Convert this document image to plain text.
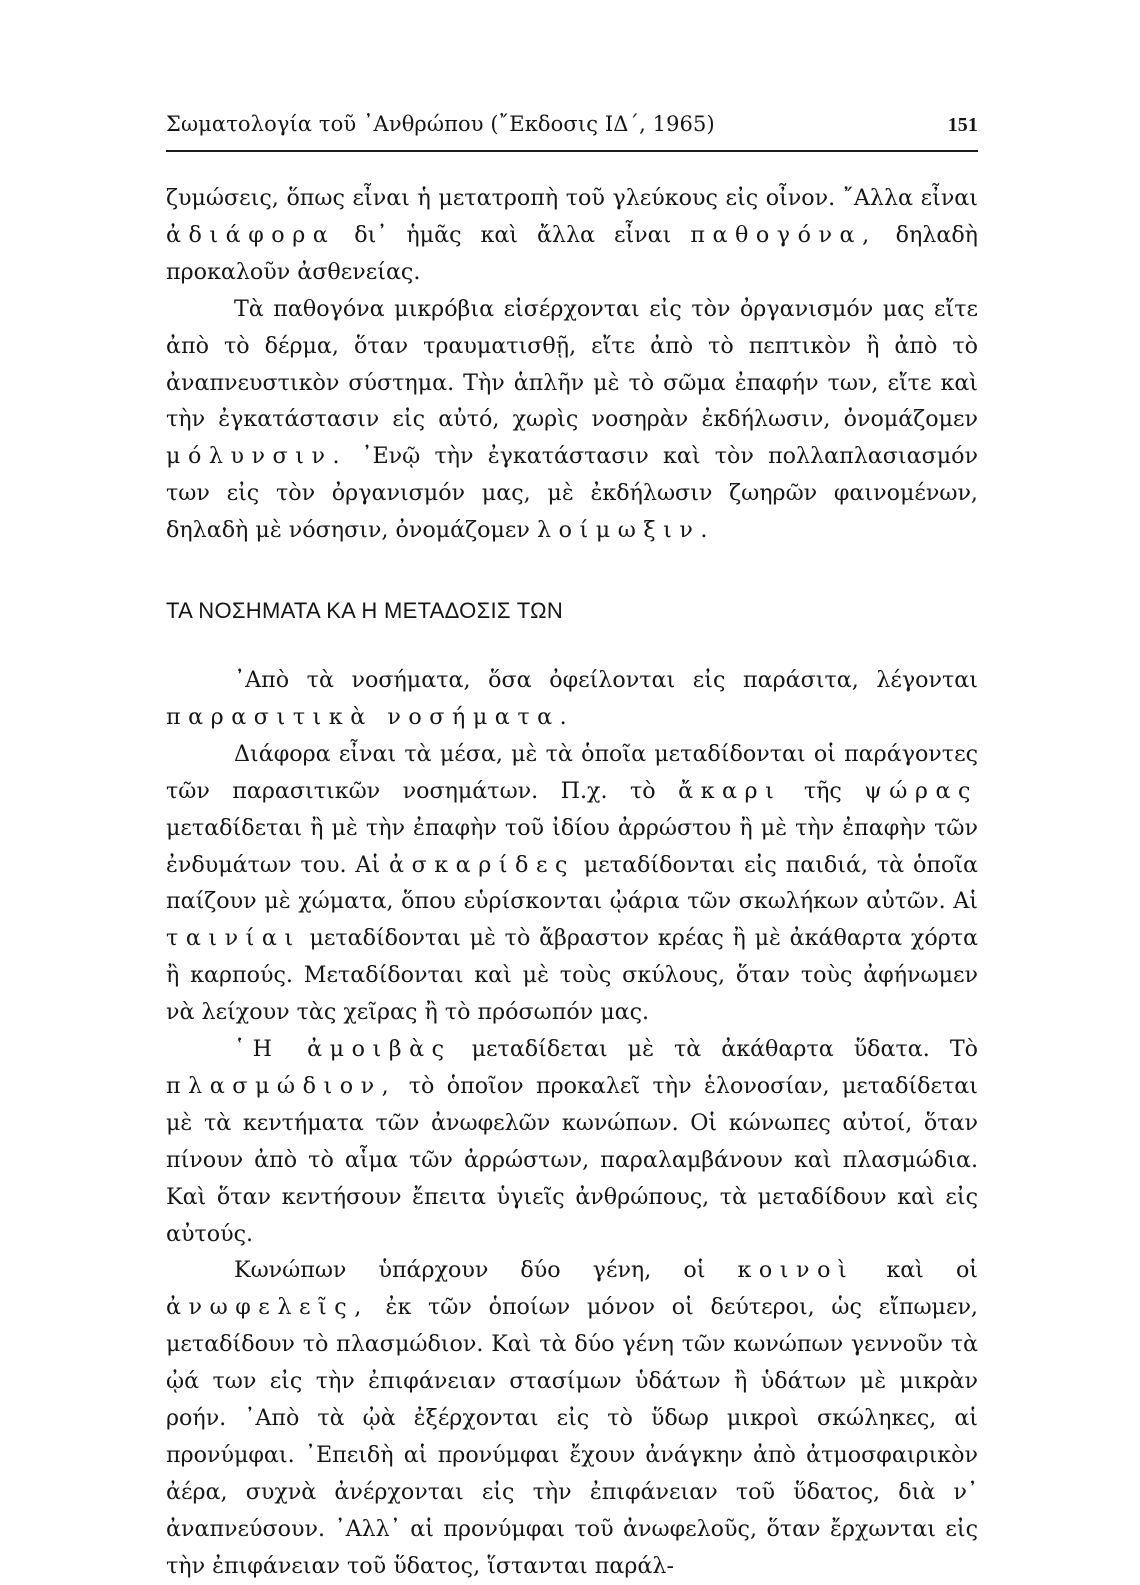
Σωματολογία τοῦ ᾿Ανθρώπου (῎Εκδοσις ΙΔ΄, 1965)	151

ζυμώσεις, ὅπως εἶναι ἡ μετατροπὴ τοῦ γλεύκους εἰς οἶνον. ῎Αλλα εἶναι ἀδιάφορα δι᾿ ἡμᾶς καὶ ἄλλα εἶναι παθογόνα, δηλαδὴ προκαλοῦν ἀσθενείας.

Τὰ παθογόνα μικρόβια εἰσέρχονται εἰς τὸν ὀργανισμόν μας εἴτε ἀπὸ τὸ δέρμα, ὅταν τραυματισθῇ, εἴτε ἀπὸ τὸ πεπτικὸν ἢ ἀπὸ τὸ ἀναπνευστικὸν σύστημα. Τὴν ἁπλῆν μὲ τὸ σῶμα ἐπαφήν των, εἴτε καὶ τὴν ἐγκατάστασιν εἰς αὐτό, χωρὶς νοσηρὰν ἐκδήλωσιν, ὀνομάζομεν μόλυνσιν. ᾿Ενῷ τὴν ἐγκατάστασιν καὶ τὸν πολλαπλασιασμόν των εἰς τὸν ὀργανισμόν μας, μὲ ἐκδήλωσιν ζωηρῶν φαινομένων, δηλαδὴ μὲ νόσησιν, ὀνομάζομεν λοίμωξιν.

ΤΑ ΝΟΣΗΜΑΤΑ ΚΑ Η ΜΕΤΑΔΟΣΙΣ ΤΩΝ

᾿Απὸ τὰ νοσήματα, ὅσα ὀφείλονται εἰς παράσιτα, λέγονται παρασιτικὰ νοσήματα.

Διάφορα εἶναι τὰ μέσα, μὲ τὰ ὁποῖα μεταδίδονται οἱ παράγοντες τῶν παρασιτικῶν νοσημάτων. Π.χ. τὸ ἄκαρι τῆς ψώρας μεταδίδεται ἢ μὲ τὴν ἐπαφὴν τοῦ ἰδίου ἀρρώστου ἢ μὲ τὴν ἐπαφὴν τῶν ἐνδυμάτων του. Αἱ ἀσκαρίδες μεταδίδονται εἰς παιδιά, τὰ ὁποῖα παίζουν μὲ χώματα, ὅπου εὑρίσκονται ᾠάρια τῶν σκωλήκων αὐτῶν. Αἱ ταινίαι μεταδίδονται μὲ τὸ ἄβραστον κρέας ἢ μὲ ἀκάθαρτα χόρτα ἢ καρπούς. Μεταδίδονται καὶ μὲ τοὺς σκύλους, ὅταν τοὺς ἀφήνωμεν νὰ λείχουν τὰς χεῖρας ἢ τὸ πρόσωπόν μας.

῾Η ἀμοιβὰς μεταδίδεται μὲ τὰ ἀκάθαρτα ὕδατα. Τὸ πλασμώδιον, τὸ ὁποῖον προκαλεῖ τὴν ἑλονοσίαν, μεταδίδεται μὲ τὰ κεντήματα τῶν ἀνωφελῶν κωνώπων. Οἱ κώνωπες αὐτοί, ὅταν πίνουν ἀπὸ τὸ αἷμα τῶν ἀρρώστων, παραλαμβάνουν καὶ πλασμώδια. Καὶ ὅταν κεντήσουν ἔπειτα ὑγιεῖς ἀνθρώπους, τὰ μεταδίδουν καὶ εἰς αὐτούς.

Κωνώπων ὑπάρχουν δύο γένη, οἱ κοινοὶ καὶ οἱ ἀνωφελεῖς, ἐκ τῶν ὁποίων μόνον οἱ δεύτεροι, ὡς εἴπωμεν, μεταδίδουν τὸ πλασμώδιον. Καὶ τὰ δύο γένη τῶν κωνώπων γεννοῦν τὰ ᾠά των εἰς τὴν ἐπιφάνειαν στασίμων ὑδάτων ἢ ὑδάτων μὲ μικρὰν ροήν. ᾿Απὸ τὰ ᾠὰ ἐξέρχονται εἰς τὸ ὕδωρ μικροὶ σκώληκες, αἱ προνύμφαι. ᾿Επειδὴ αἱ προνύμφαι ἔχουν ἀνάγκην ἀπὸ ἀτμοσφαιρικὸν ἀέρα, συχνὰ ἀνέρχονται εἰς τὴν ἐπιφάνειαν τοῦ ὕδατος, διὰ ν᾿ ἀναπνεύσουν. ᾿Αλλ᾿ αἱ προνύμφαι τοῦ ἀνωφελοῦς, ὅταν ἔρχωνται εἰς τὴν ἐπιφάνειαν τοῦ ὕδατος, ἵστανται παράλ-
